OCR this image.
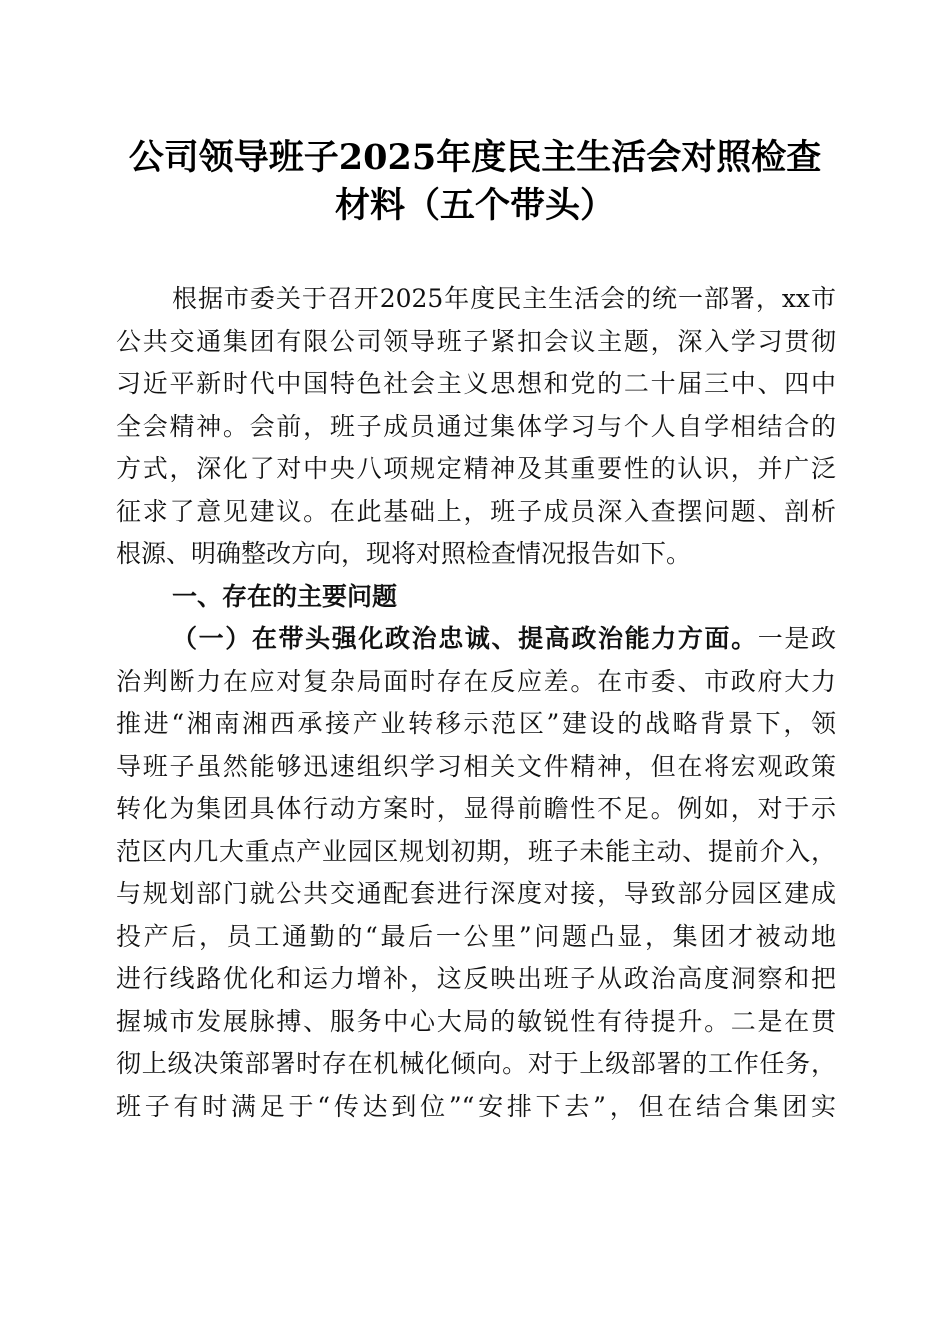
公司领导班子2025年度民主生活会对照检查
材料（五个带头）
根据市委关于召开2025年度民主生活会的统一部署，xx市
公共交通集团有限公司领导班子紧扣会议主题，深入学习贯彻
习近平新时代中国特色社会主义思想和党的二十届三中、四中
全会精神。会前，班子成员通过集体学习与个人自学相结合的
方式，深化了对中央八项规定精神及其重要性的认识，并广泛
征求了意见建议。在此基础上，班子成员深入查摆问题、剖析
根源、明确整改方向，现将对照检查情况报告如下。
一、存在的主要问题
（一）在带头强化政治忠诚、提高政治能力方面。一是政
治判断力在应对复杂局面时存在反应差。在市委、市政府大力
推进“湘南湘西承接产业转移示范区”建设的战略背景下，领
导班子虽然能够迅速组织学习相关文件精神，但在将宏观政策
转化为集团具体行动方案时，显得前瞻性不足。例如，对于示
范区内几大重点产业园区规划初期，班子未能主动、提前介入，
与规划部门就公共交通配套进行深度对接，导致部分园区建成
投产后，员工通勤的“最后一公里”问题凸显，集团才被动地
进行线路优化和运力增补，这反映出班子从政治高度洞察和把
握城市发展脉搏、服务中心大局的敏锐性有待提升。二是在贯
彻上级决策部署时存在机械化倾向。对于上级部署的工作任务，
班子有时满足于“传达到位”“安排下去”，但在结合集团实
